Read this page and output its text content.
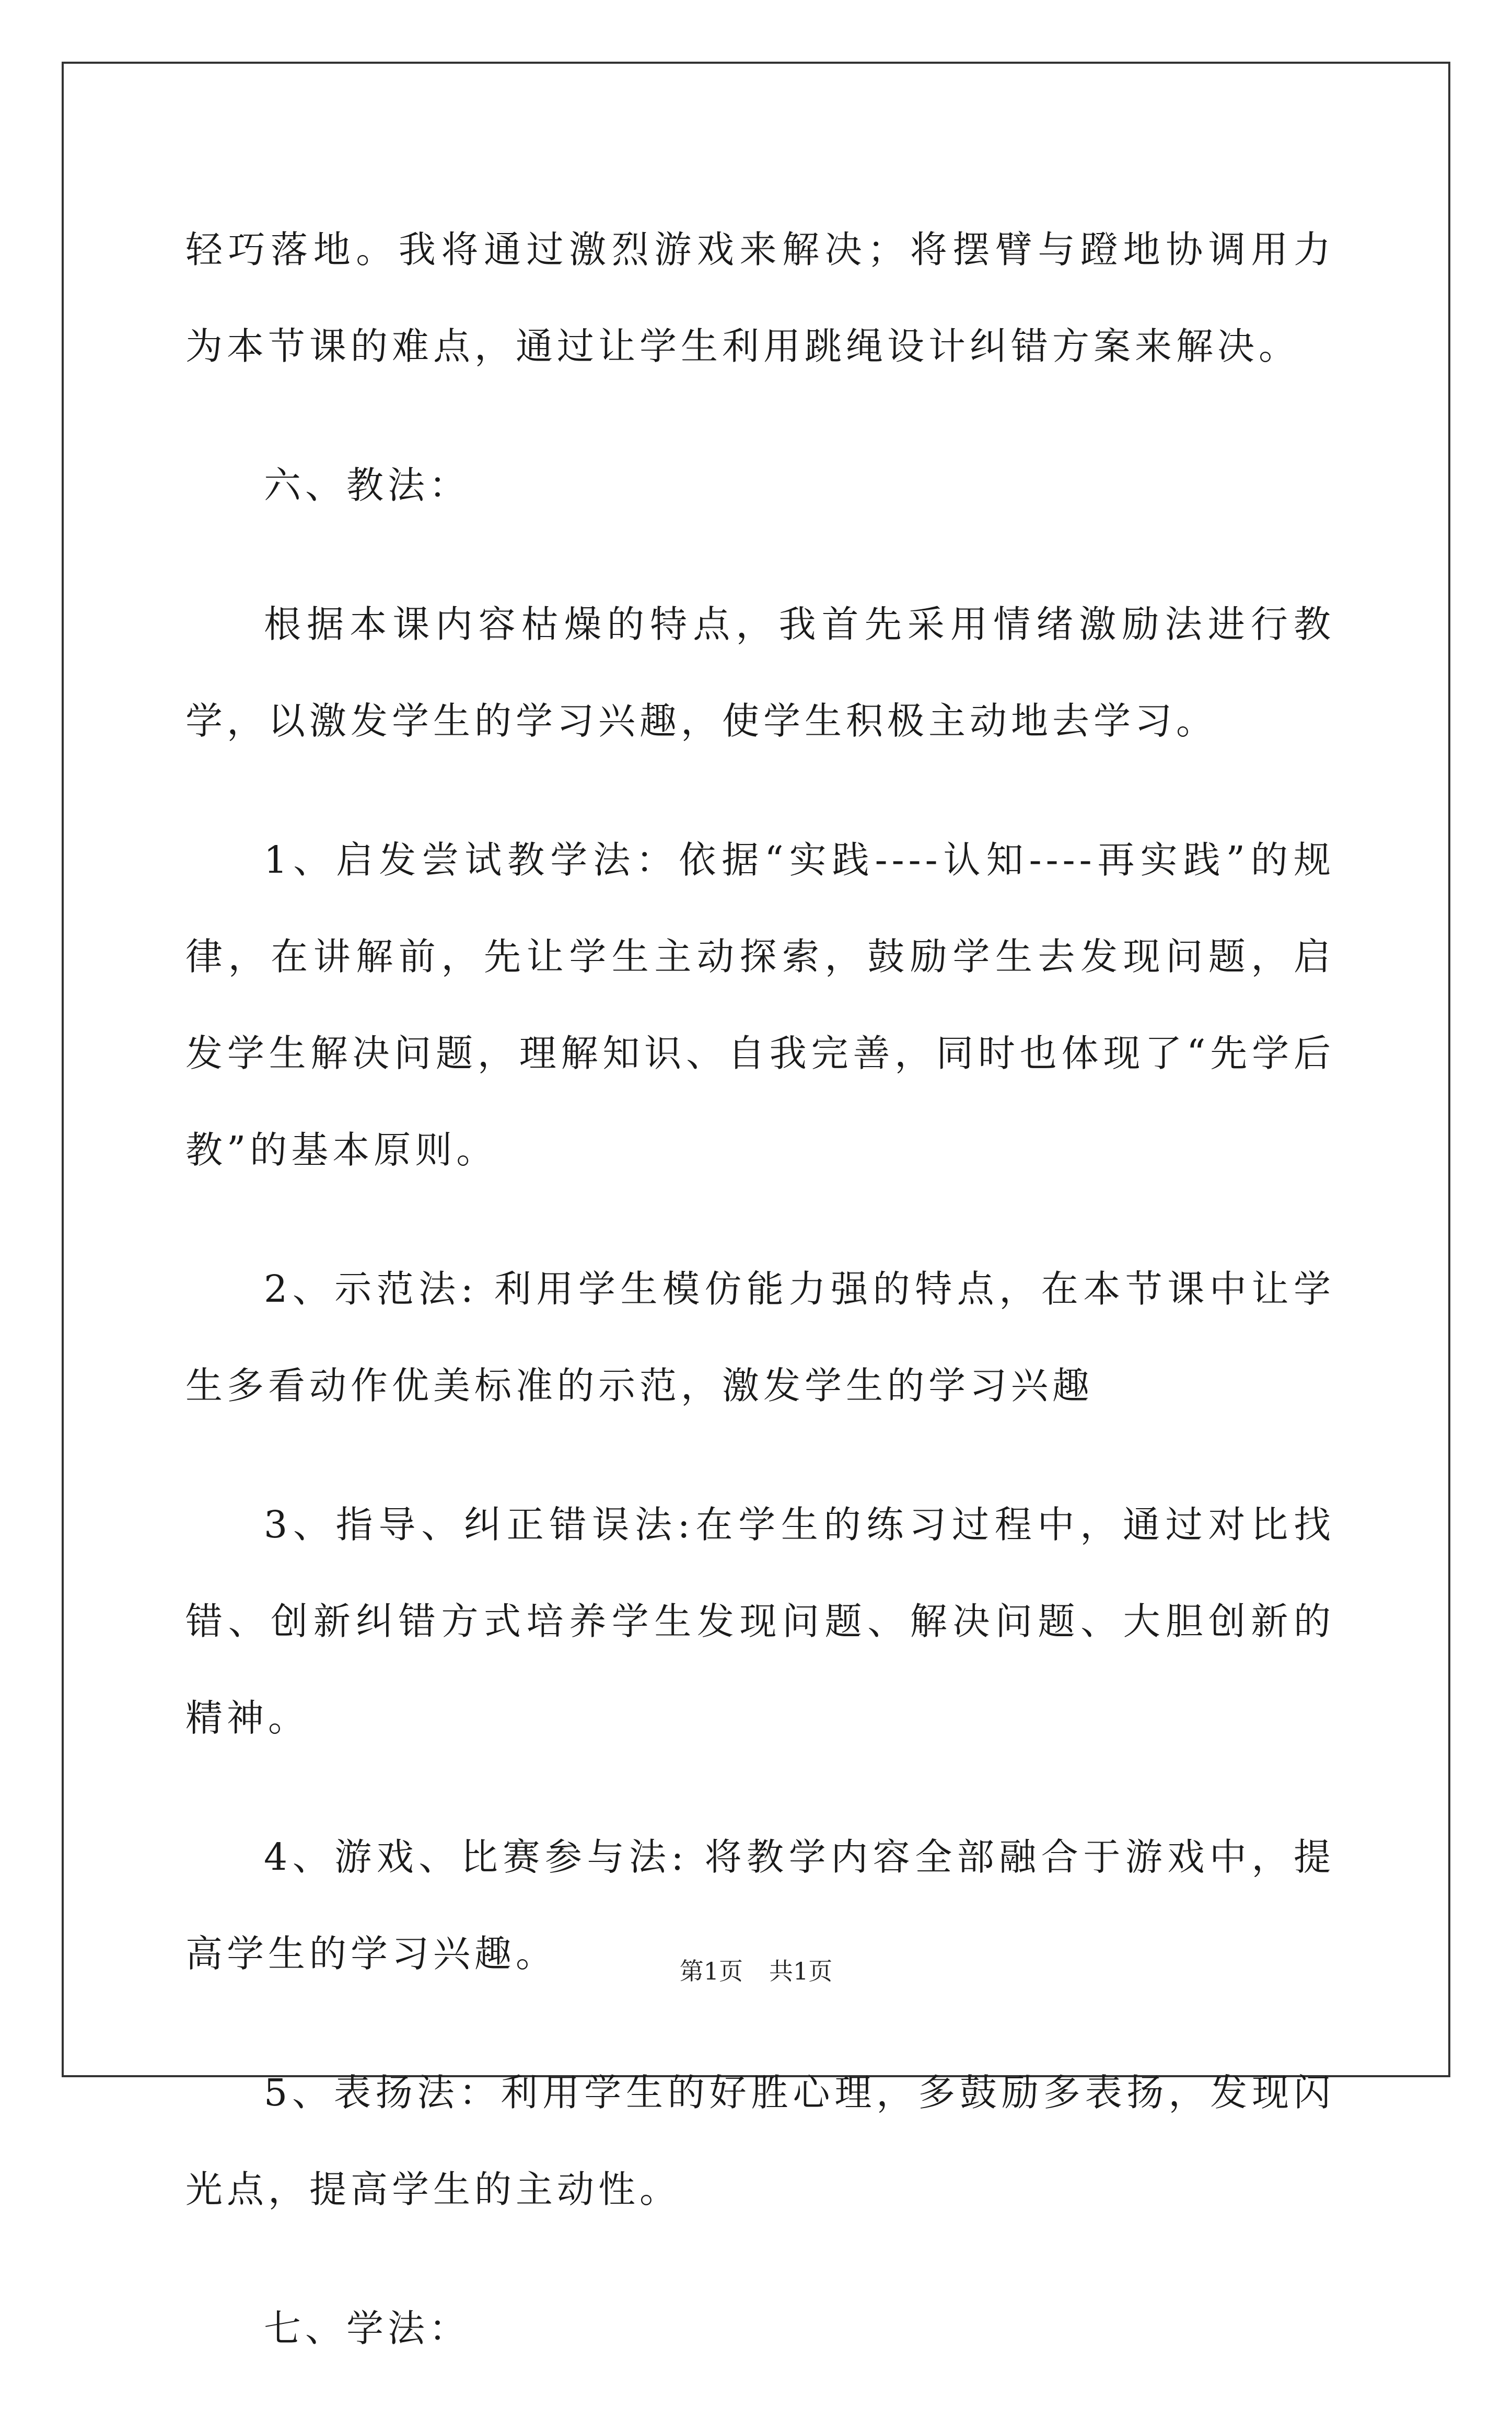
轻巧落地。我将通过激烈游戏来解决；将摆臂与蹬地协调用力为本节课的难点，通过让学生利用跳绳设计纠错方案来解决。

六、教法：

根据本课内容枯燥的特点，我首先采用情绪激励法进行教学，以激发学生的学习兴趣，使学生积极主动地去学习。

1、启发尝试教学法：依据“实践----认知----再实践”的规律，在讲解前，先让学生主动探索，鼓励学生去发现问题，启发学生解决问题，理解知识、自我完善，同时也体现了“先学后教”的基本原则。

2、示范法: 利用学生模仿能力强的特点，在本节课中让学生多看动作优美标准的示范，激发学生的学习兴趣

3、指导、纠正错误法:在学生的练习过程中，通过对比找错、创新纠错方式培养学生发现问题、解决问题、大胆创新的精神。

4、游戏、比赛参与法: 将教学内容全部融合于游戏中，提高学生的学习兴趣。

5、表扬法：利用学生的好胜心理，多鼓励多表扬，发现闪光点，提高学生的主动性。

七、学法：

第1页 共1页
